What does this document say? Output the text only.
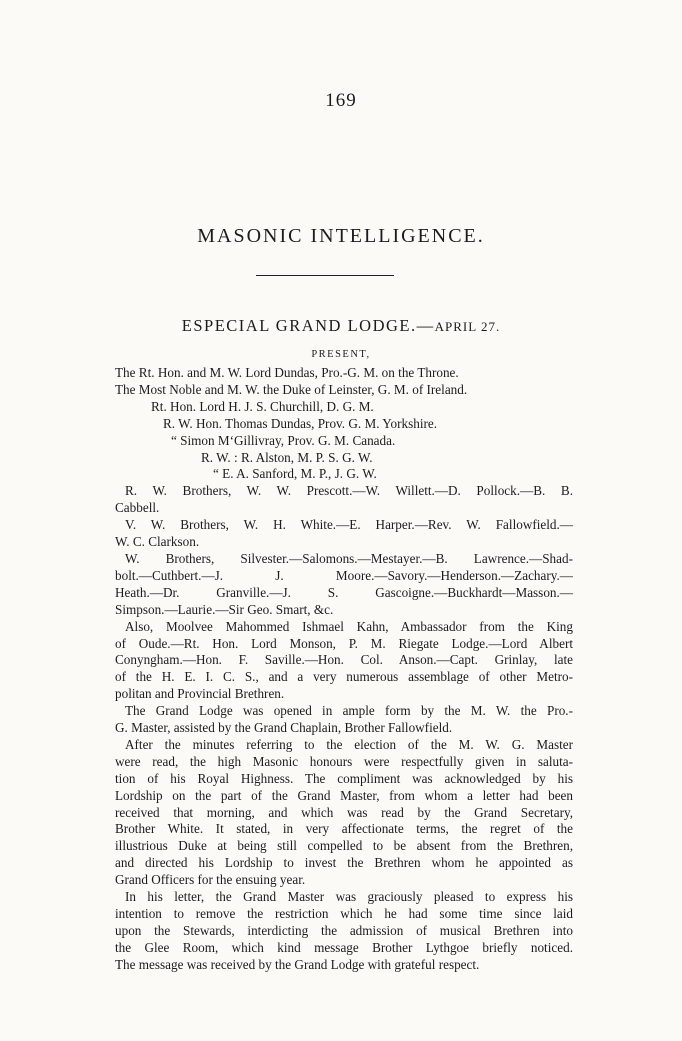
169
MASONIC INTELLIGENCE.
ESPECIAL GRAND LODGE.—APRIL 27.
PRESENT,
The Rt. Hon. and M. W. Lord Dundas, Pro.-G. M. on the Throne.
The Most Noble and M. W. the Duke of Leinster, G. M. of Ireland.
Rt. Hon. Lord H. J. S. Churchill, D. G. M.
R. W. Hon. Thomas Dundas, Prov. G. M. Yorkshire.
“ Simon M‘Gillivray, Prov. G. M. Canada.
R. W. : R. Alston, M. P. S. G. W.
“ E. A. Sanford, M. P., J. G. W.
R. W. Brothers, W. W. Prescott.—W. Willett.—D. Pollock.—B. B.
Cabbell.
V. W. Brothers, W. H. White.—E. Harper.—Rev. W. Fallowfield.—
W. C. Clarkson.
W. Brothers, Silvester.—Salomons.—Mestayer.—B. Lawrence.—Shad-
bolt.—Cuthbert.—J. J. Moore.—Savory.—Henderson.—Zachary.—
Heath.—Dr. Granville.—J. S. Gascoigne.—Buckhardt—Masson.—
Simpson.—Laurie.—Sir Geo. Smart, &c.
Also, Moolvee Mahommed Ishmael Kahn, Ambassador from the King
of Oude.—Rt. Hon. Lord Monson, P. M. Riegate Lodge.—Lord Albert
Conyngham.—Hon. F. Saville.—Hon. Col. Anson.—Capt. Grinlay, late
of the H. E. I. C. S., and a very numerous assemblage of other Metro-
politan and Provincial Brethren.
The Grand Lodge was opened in ample form by the M. W. the Pro.-
G. Master, assisted by the Grand Chaplain, Brother Fallowfield.
After the minutes referring to the election of the M. W. G. Master
were read, the high Masonic honours were respectfully given in saluta-
tion of his Royal Highness. The compliment was acknowledged by his
Lordship on the part of the Grand Master, from whom a letter had been
received that morning, and which was read by the Grand Secretary,
Brother White. It stated, in very affectionate terms, the regret of the
illustrious Duke at being still compelled to be absent from the Brethren,
and directed his Lordship to invest the Brethren whom he appointed as
Grand Officers for the ensuing year.
In his letter, the Grand Master was graciously pleased to express his
intention to remove the restriction which he had some time since laid
upon the Stewards, interdicting the admission of musical Brethren into
the Glee Room, which kind message Brother Lythgoe briefly noticed.
The message was received by the Grand Lodge with grateful respect.
